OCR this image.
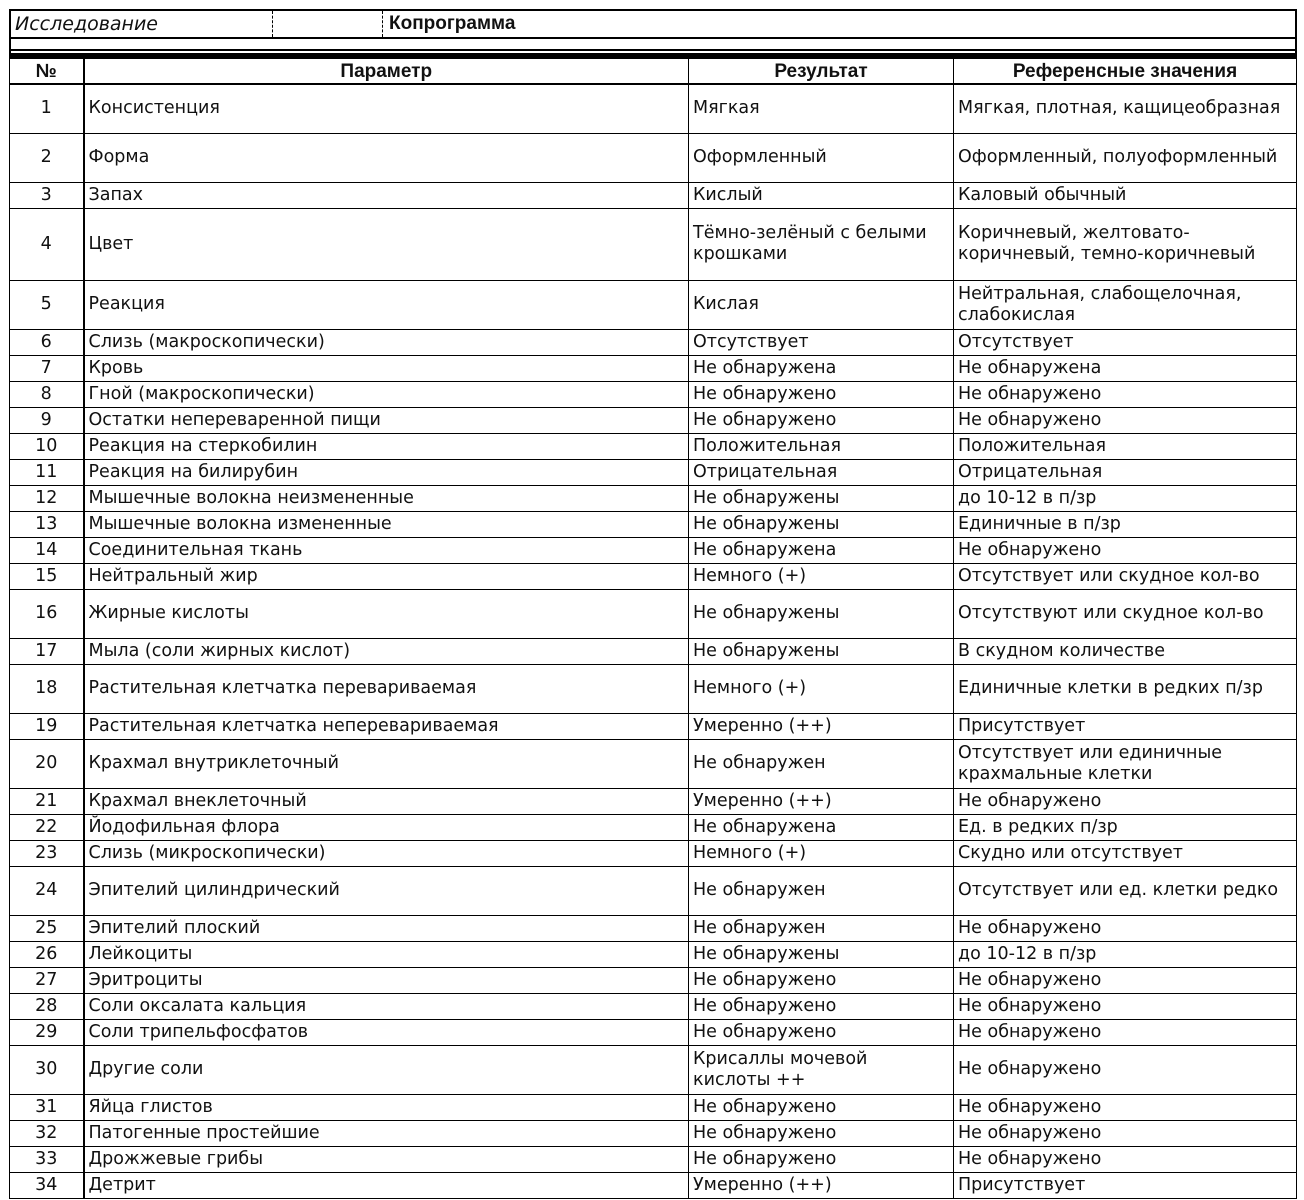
Исследование	Копрограмма
№	Параметр	Результат	Референсные значения
1	Консистенция	Мягкая	Мягкая, плотная, кащицеобразная
2	Форма	Оформленный	Оформленный, полуоформленный
3	Запах	Кислый	Каловый обычный
4	Цвет	Тёмно-зелёный с белыми крошками	Коричневый, желтовато-коричневый, темно-коричневый
5	Реакция	Кислая	Нейтральная, слабощелочная, слабокислая
6	Слизь (макроскопически)	Отсутствует	Отсутствует
7	Кровь	Не обнаружена	Не обнаружена
8	Гной (макроскопически)	Не обнаружено	Не обнаружено
9	Остатки непереваренной пищи	Не обнаружено	Не обнаружено
10	Реакция на стеркобилин	Положительная	Положительная
11	Реакция на билирубин	Отрицательная	Отрицательная
12	Мышечные волокна неизмененные	Не обнаружены	до 10-12 в п/зр
13	Мышечные волокна измененные	Не обнаружены	Единичные в п/зр
14	Соединительная ткань	Не обнаружена	Не обнаружено
15	Нейтральный жир	Немного (+)	Отсутствует или скудное кол-во
16	Жирные кислоты	Не обнаружены	Отсутствуют или скудное кол-во
17	Мыла (соли жирных кислот)	Не обнаружены	В скудном количестве
18	Растительная клетчатка перевариваемая	Немного (+)	Единичные клетки в редких п/зр
19	Растительная клетчатка неперевариваемая	Умеренно (++)	Присутствует
20	Крахмал внутриклеточный	Не обнаружен	Отсутствует или единичные крахмальные клетки
21	Крахмал внеклеточный	Умеренно (++)	Не обнаружено
22	Йодофильная флора	Не обнаружена	Ед. в редких п/зр
23	Слизь (микроскопически)	Немного (+)	Скудно или отсутствует
24	Эпителий цилиндрический	Не обнаружен	Отсутствует или ед. клетки редко
25	Эпителий плоский	Не обнаружен	Не обнаружено
26	Лейкоциты	Не обнаружены	до 10-12 в п/зр
27	Эритроциты	Не обнаружено	Не обнаружено
28	Соли оксалата кальция	Не обнаружено	Не обнаружено
29	Соли трипельфосфатов	Не обнаружено	Не обнаружено
30	Другие соли	Крисаллы мочевой кислоты ++	Не обнаружено
31	Яйца глистов	Не обнаружено	Не обнаружено
32	Патогенные простейшие	Не обнаружено	Не обнаружено
33	Дрожжевые грибы	Не обнаружено	Не обнаружено
34	Детрит	Умеренно (++)	Присутствует
